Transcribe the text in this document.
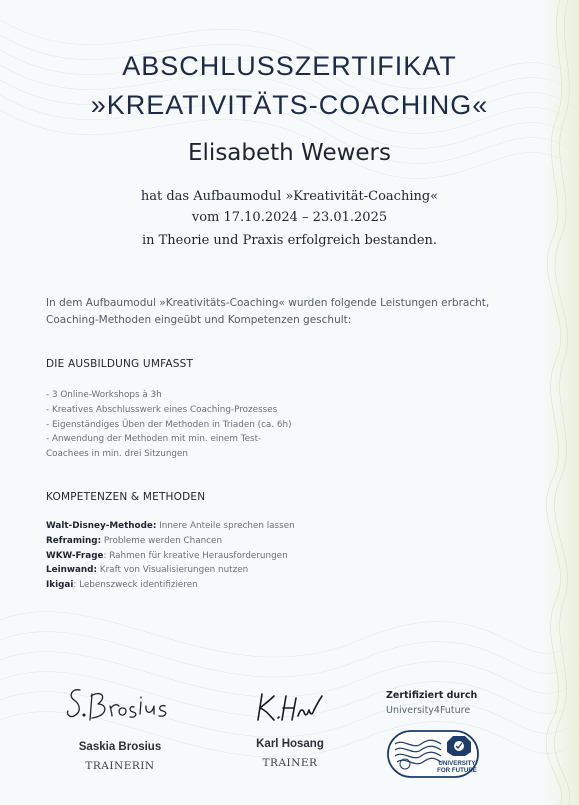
ABSCHLUSSZERTIFIKAT
»KREATIVITÄTS-COACHING«
Elisabeth Wewers
hat das Aufbaumodul »Kreativität-Coaching«
vom 17.10.2024 – 23.01.2025
in Theorie und Praxis erfolgreich bestanden.
In dem Aufbaumodul »Kreativitäts-Coaching« wurden folgende Leistungen erbracht,
Coaching-Methoden eingeübt und Kompetenzen geschult:
DIE AUSBILDUNG UMFASST
- 3 Online-Workshops à 3h
- Kreatives Abschlusswerk eines Coaching-Prozesses
- Eigenständiges Üben der Methoden in Triaden (ca. 6h)
- Anwendung der Methoden mit min. einem Test-
Coachees in min. drei Sitzungen
KOMPETENZEN & METHODEN
Walt-Disney-Methode: Innere Anteile sprechen lassen
Reframing: Probleme werden Chancen
WKW-Frage: Rahmen für kreative Herausforderungen
Leinwand: Kraft von Visualisierungen nutzen
Ikigai: Lebenszweck identifizieren
Saskia Brosius
TRAINERIN
Karl Hosang
TRAINER
Zertifiziert durch
University4Future
UNIVERSITY
FOR FUTURE
